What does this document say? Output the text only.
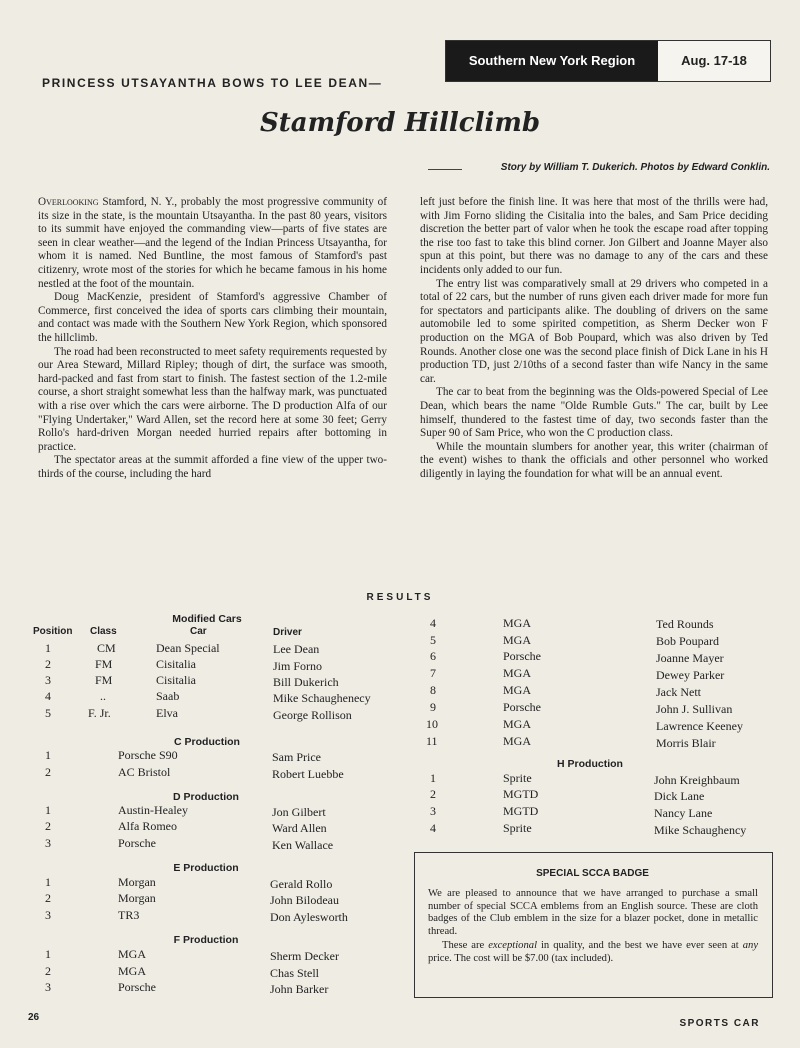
Southern New York Region	Aug. 17-18
PRINCESS UTSAYANTHA BOWS TO LEE DEAN—
Stamford Hillclimb
Story by William T. Dukerich. Photos by Edward Conklin.

Overlooking Stamford, N. Y., probably the most progressive community of its size in the state, is the mountain Utsayantha. In the past 80 years, visitors to its summit have enjoyed the commanding view—parts of five states are seen in clear weather—and the legend of the Indian Princess Utsayantha, for whom it is named. Ned Buntline, the most famous of Stamford's past citizenry, wrote most of the stories for which he became famous in his home nestled at the foot of the mountain.

Doug MacKenzie, president of Stamford's aggressive Chamber of Commerce, first conceived the idea of sports cars climbing their mountain, and contact was made with the Southern New York Region, which sponsored the hillclimb.

The road had been reconstructed to meet safety requirements requested by our Area Steward, Millard Ripley; though of dirt, the surface was smooth, hard-packed and fast from start to finish. The fastest section of the 1.2-mile course, a short straight somewhat less than the halfway mark, was punctuated with a rise over which the cars were airborne. The D production Alfa of our "Flying Undertaker," Ward Allen, set the record here at some 30 feet; Gerry Rollo's hard-driven Morgan needed hurried repairs after bottoming in practice.

The spectator areas at the summit afforded a fine view of the upper two-thirds of the course, including the hard

left just before the finish line. It was here that most of the thrills were had, with Jim Forno sliding the Cisitalia into the bales, and Sam Price deciding discretion the better part of valor when he took the escape road after topping the rise too fast to take this blind corner. Jon Gilbert and Joanne Mayer also spun at this point, but there was no damage to any of the cars and these incidents only added to our fun.

The entry list was comparatively small at 29 drivers who competed in a total of 22 cars, but the number of runs given each driver made for more fun for spectators and participants alike. The doubling of drivers on the same automobile led to some spirited competition, as Sherm Decker won F production on the MGA of Bob Poupard, which was also driven by Ted Rounds. Another close one was the second place finish of Dick Lane in his H production TD, just 2/10ths of a second faster than wife Nancy in the same car.

The car to beat from the beginning was the Olds-powered Special of Lee Dean, which bears the name "Olde Rumble Guts." The car, built by Lee himself, thundered to the fastest time of day, two seconds faster than the Super 90 of Sam Price, who won the C production class.

While the mountain slumbers for another year, this writer (chairman of the event) wishes to thank the officials and other personnel who worked diligently in laying the foundation for what will be an annual event.

RESULTS
Modified Cars
Position Class	Car	Driver
1	CM	Dean Special	Lee Dean
2	FM	Cisitalia	Jim Forno
3	FM	Cisitalia	Bill Dukerich
4	..	Saab	Mike Schaughenecy
5	F. Jr.	Elva	George Rollison
C Production
1	Porsche S90	Sam Price
2	AC Bristol	Robert Luebbe
D Production
1	Austin-Healey	Jon Gilbert
2	Alfa Romeo	Ward Allen
3	Porsche	Ken Wallace
E Production
1	Morgan	Gerald Rollo
2	Morgan	John Bilodeau
3	TR3	Don Aylesworth
F Production
1	MGA	Sherm Decker
2	MGA	Chas Stell
3	Porsche	John Barker
4	MGA	Ted Rounds
5	MGA	Bob Poupard
6	Porsche	Joanne Mayer
7	MGA	Dewey Parker
8	MGA	Jack Nett
9	Porsche	John J. Sullivan
10	MGA	Lawrence Keeney
11	MGA	Morris Blair
H Production
1	Sprite	John Kreighbaum
2	MGTD	Dick Lane
3	MGTD	Nancy Lane
4	Sprite	Mike Schaughency
SPECIAL SCCA BADGE

We are pleased to announce that we have arranged to purchase a small number of special SCCA emblems from an English source. These are cloth badges of the Club emblem in the size for a blazer pocket, done in metallic thread.

These are exceptional in quality, and the best we have ever seen at any price. The cost will be $7.00 (tax included).

26
SPORTS CAR
